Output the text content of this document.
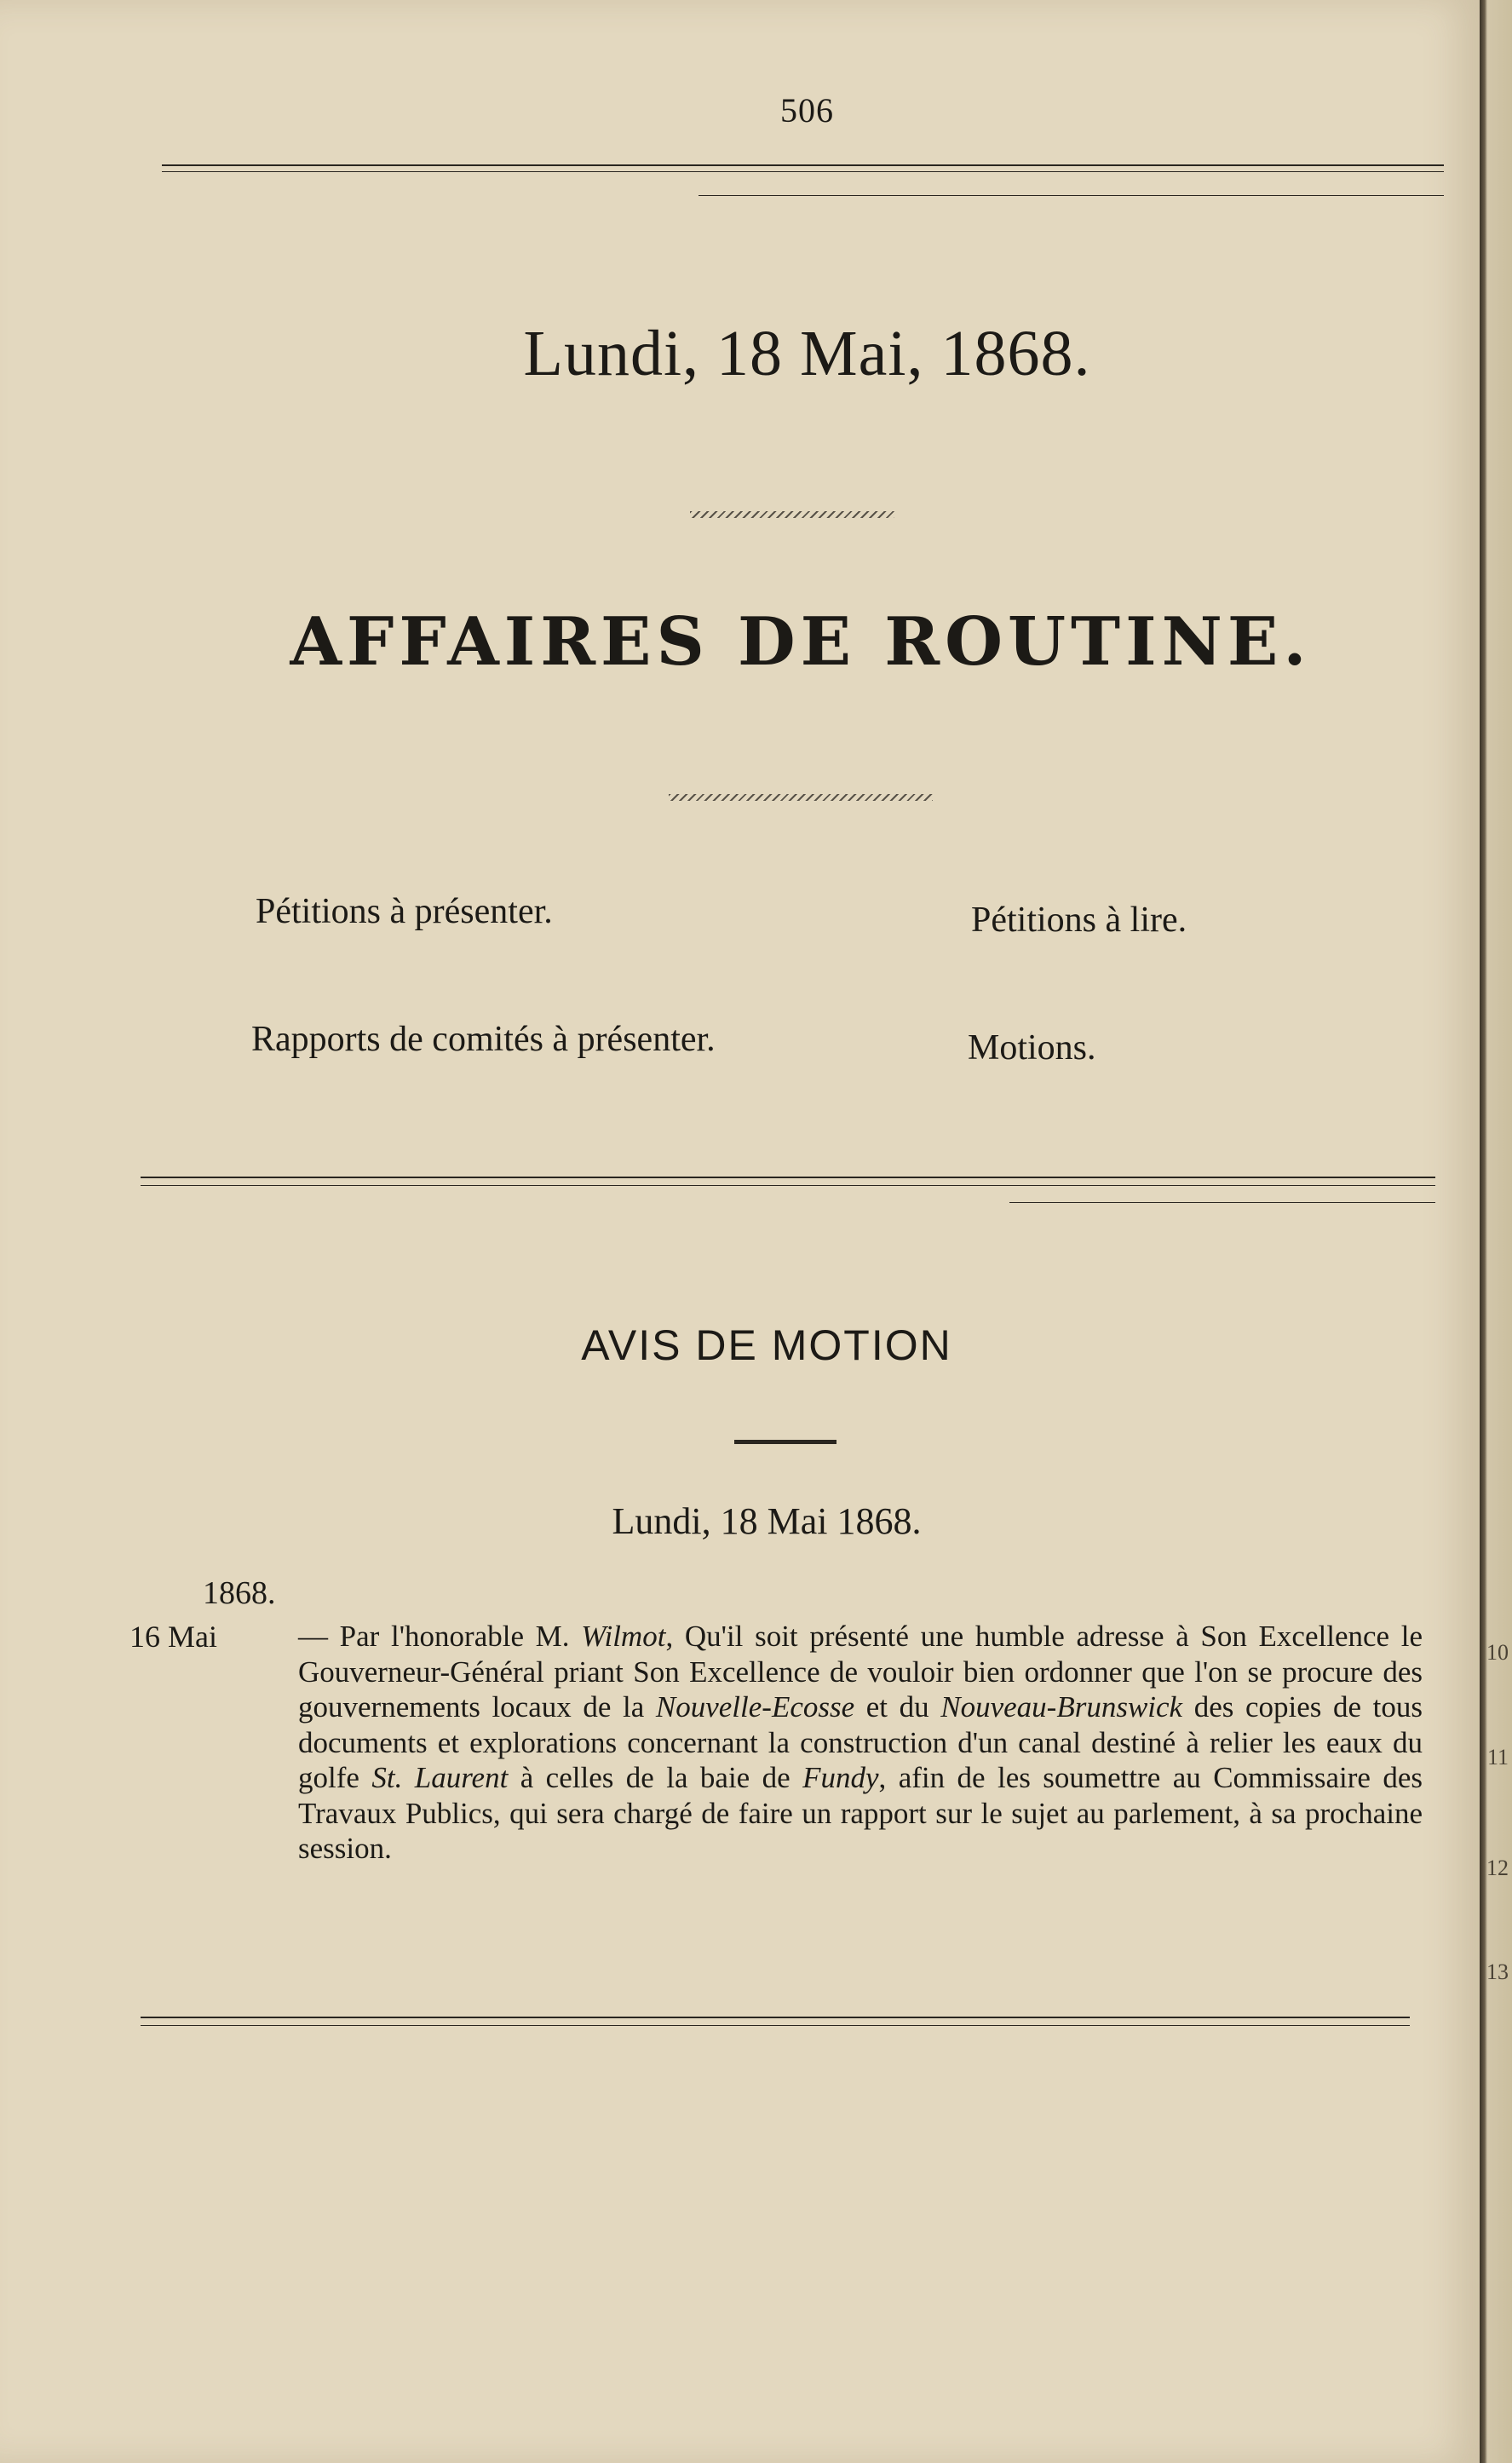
506
Lundi, 18 Mai, 1868.
AFFAIRES DE ROUTINE.
Pétitions à présenter.	Pétitions à lire.
Rapports de comités à présenter.	Motions.
AVIS DE MOTION
Lundi, 18 Mai 1868.
1868.
16 Mai	— Par l'honorable M. Wilmot, Qu'il soit présenté une humble adresse à Son Excellence le Gouverneur-Général priant Son Excellence de vouloir bien ordonner que l'on se procure des gouvernements locaux de la Nouvelle-Ecosse et du Nouveau-Brunswick des copies de tous documents et explorations concernant la construction d'un canal destiné à relier les eaux du golfe St. Laurent à celles de la baie de Fundy, afin de les soumettre au Commissaire des Travaux Publics, qui sera chargé de faire un rapport sur le sujet au parlement, à sa prochaine session.
10
11
12
13
